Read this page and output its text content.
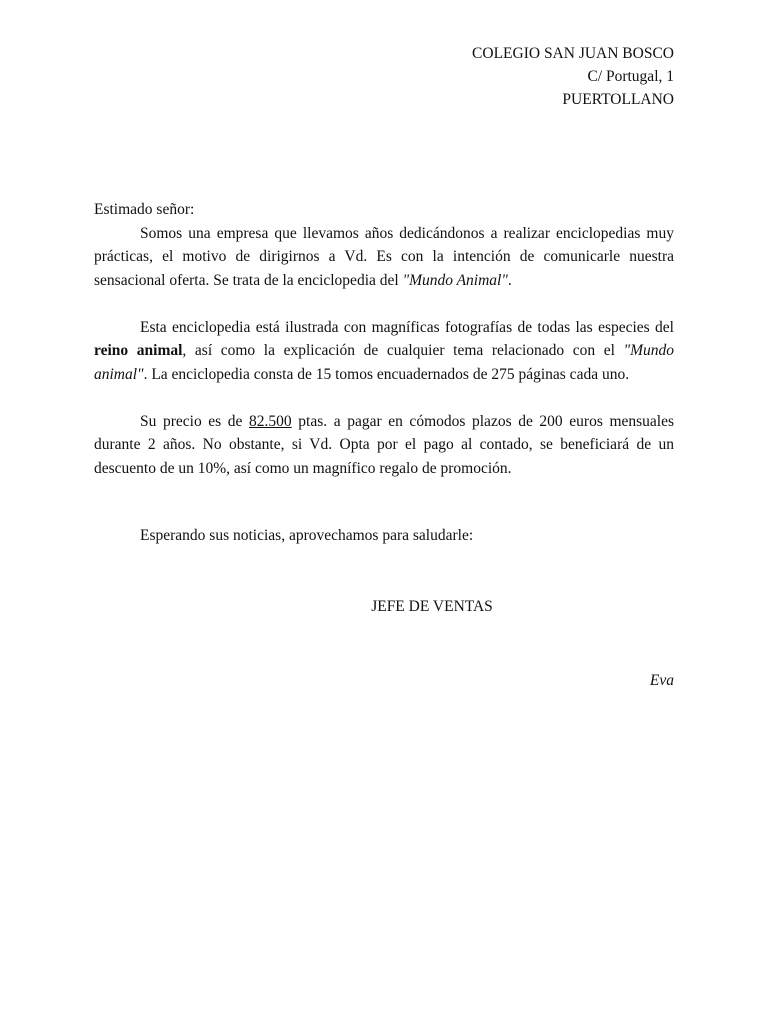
COLEGIO SAN JUAN BOSCO
C/ Portugal, 1
PUERTOLLANO

Estimado señor:

Somos una empresa que llevamos años dedicándonos a realizar enciclopedias muy prácticas, el motivo de dirigirnos a Vd. Es con la intención de comunicarle nuestra sensacional oferta. Se trata de la enciclopedia del "Mundo Animal".

Esta enciclopedia está ilustrada con magníficas fotografías de todas las especies del reino animal, así como la explicación de cualquier tema relacionado con el "Mundo animal". La enciclopedia consta de 15 tomos encuadernados de 275 páginas cada uno.

Su precio es de 82.500 ptas. a pagar en cómodos plazos de 200 euros mensuales durante 2 años. No obstante, si Vd. Opta por el pago al contado, se beneficiará de un descuento de un 10%, así como un magnífico regalo de promoción.

Esperando sus noticias, aprovechamos para saludarle:
JEFE DE VENTAS
Eva
